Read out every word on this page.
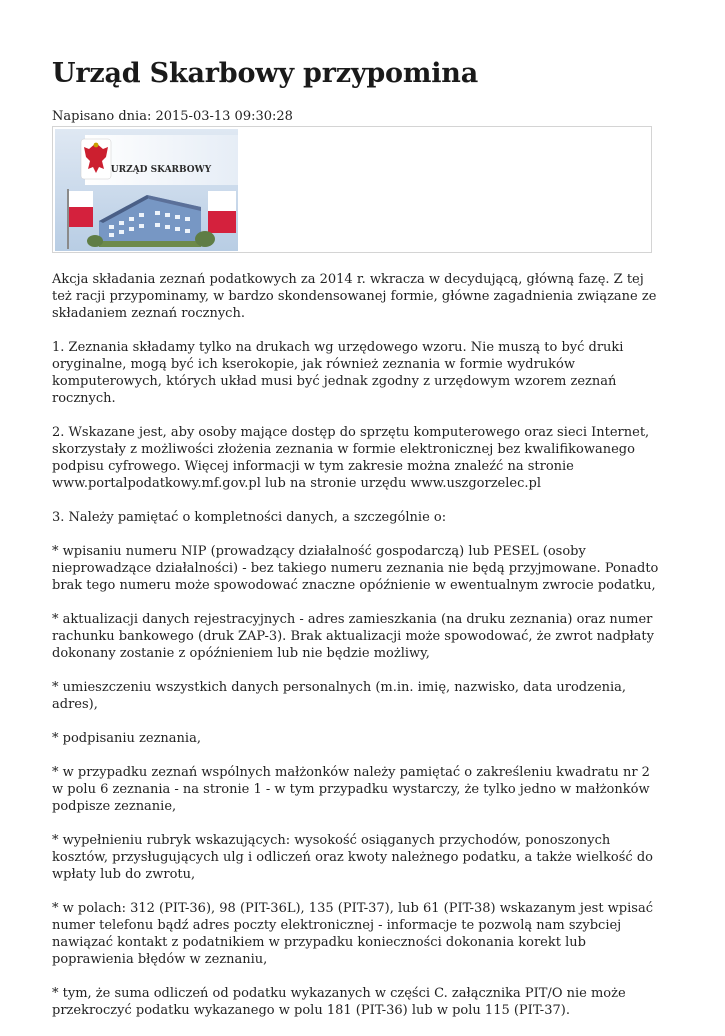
Urząd Skarbowy przypomina
Napisano dnia: 2015-03-13 09:30:28
URZĄD SKARBOWY

Akcja składania zeznań podatkowych za 2014 r. wkracza w decydującą, główną fazę. Z tej też racji przypominamy, w bardzo skondensowanej formie, główne zagadnienia związane ze składaniem zeznań rocznych.

1. Zeznania składamy tylko na drukach wg urzędowego wzoru. Nie muszą to być druki oryginalne, mogą być ich kserokopie, jak również zeznania w formie wydruków komputerowych, których układ musi być jednak zgodny z urzędowym wzorem zeznań rocznych.

2. Wskazane jest, aby osoby mające dostęp do sprzętu komputerowego oraz sieci Internet, skorzystały z możliwości złożenia zeznania w formie elektronicznej bez kwalifikowanego podpisu cyfrowego. Więcej informacji w tym zakresie można znaleźć na stronie www.portalpodatkowy.mf.gov.pl lub na stronie urzędu www.uszgorzelec.pl

3. Należy pamiętać o kompletności danych, a szczególnie o:

* wpisaniu numeru NIP (prowadzący działalność gospodarczą) lub PESEL (osoby nieprowadzące działalności) - bez takiego numeru zeznania nie będą przyjmowane. Ponadto brak tego numeru może spowodować znaczne opóźnienie w ewentualnym zwrocie podatku,

* aktualizacji danych rejestracyjnych - adres zamieszkania (na druku zeznania) oraz numer rachunku bankowego (druk ZAP-3). Brak aktualizacji może spowodować, że zwrot nadpłaty dokonany zostanie z opóźnieniem lub nie będzie możliwy,

* umieszczeniu wszystkich danych personalnych (m.in. imię, nazwisko, data urodzenia, adres),

* podpisaniu zeznania,

* w przypadku zeznań wspólnych małżonków należy pamiętać o zakreśleniu kwadratu nr 2 w polu 6 zeznania - na stronie 1 - w tym przypadku wystarczy, że tylko jedno w małżonków podpisze zeznanie,

* wypełnieniu rubryk wskazujących: wysokość osiąganych przychodów, ponoszonych kosztów, przysługujących ulg i odliczeń oraz kwoty należnego podatku, a także wielkość do wpłaty lub do zwrotu,

* w polach: 312 (PIT-36), 98 (PIT-36L), 135 (PIT-37), lub 61 (PIT-38) wskazanym jest wpisać numer telefonu bądź adres poczty elektronicznej - informacje te pozwolą nam szybciej nawiązać kontakt z podatnikiem w przypadku konieczności dokonania korekt lub poprawienia błędów w zeznaniu,

* tym, że suma odliczeń od podatku wykazanych w części C. załącznika PIT/O nie może przekroczyć podatku wykazanego w polu 181 (PIT-36) lub w polu 115 (PIT-37).
